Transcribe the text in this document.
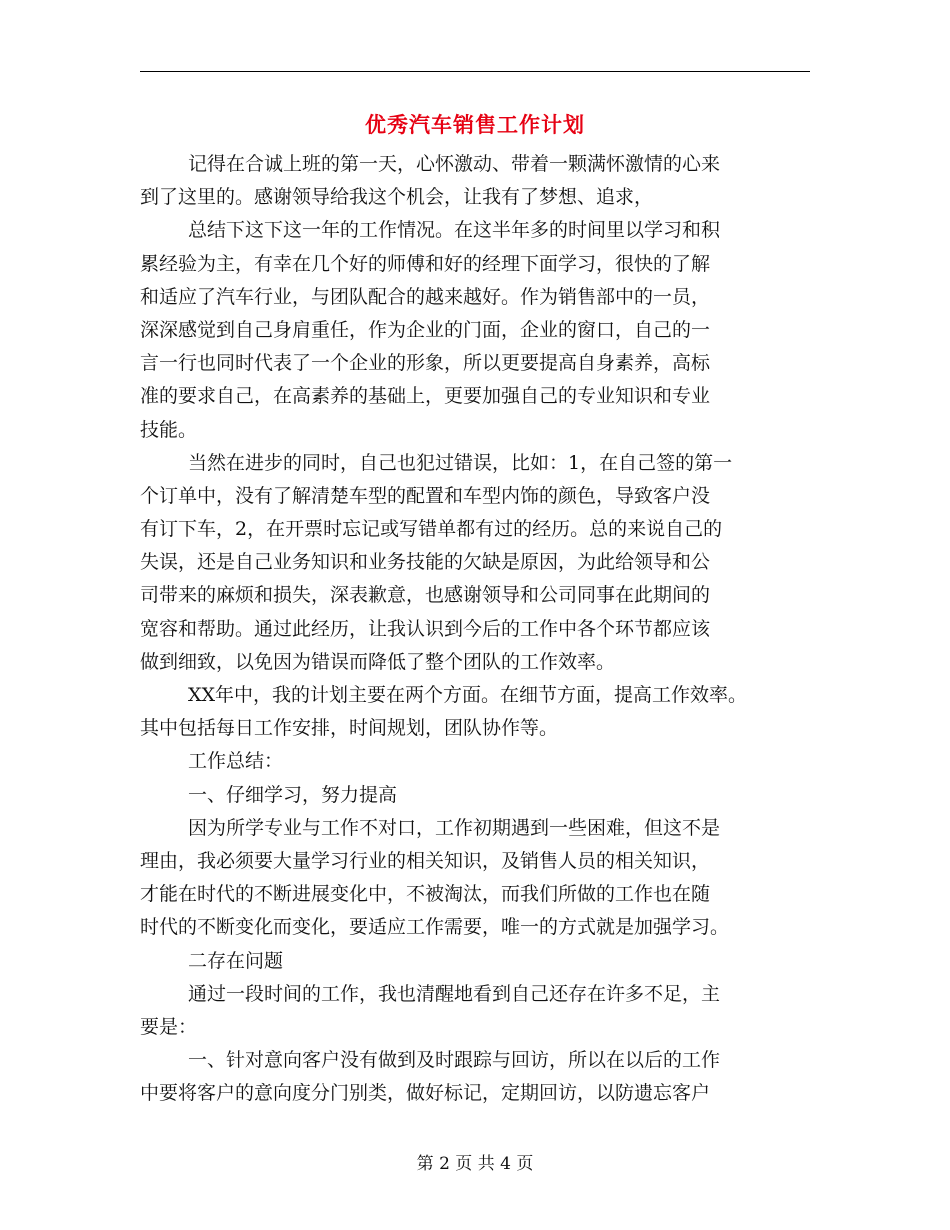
优秀汽车销售工作计划
记得在合诚上班的第一天，心怀激动、带着一颗满怀激情的心来
到了这里的。感谢领导给我这个机会，让我有了梦想、追求，
总结下这下这一年的工作情况。在这半年多的时间里以学习和积
累经验为主，有幸在几个好的师傅和好的经理下面学习，很快的了解
和适应了汽车行业，与团队配合的越来越好。作为销售部中的一员，
深深感觉到自己身肩重任，作为企业的门面，企业的窗口，自己的一
言一行也同时代表了一个企业的形象，所以更要提高自身素养，高标
准的要求自己，在高素养的基础上，更要加强自己的专业知识和专业
技能。
当然在进步的同时，自己也犯过错误，比如：1，在自己签的第一
个订单中，没有了解清楚车型的配置和车型内饰的颜色，导致客户没
有订下车，2，在开票时忘记或写错单都有过的经历。总的来说自己的
失误，还是自己业务知识和业务技能的欠缺是原因，为此给领导和公
司带来的麻烦和损失，深表歉意，也感谢领导和公司同事在此期间的
宽容和帮助。通过此经历，让我认识到今后的工作中各个环节都应该
做到细致，以免因为错误而降低了整个团队的工作效率。
XX年中，我的计划主要在两个方面。在细节方面，提高工作效率。
其中包括每日工作安排，时间规划，团队协作等。
工作总结：
一、仔细学习，努力提高
因为所学专业与工作不对口，工作初期遇到一些困难，但这不是
理由，我必须要大量学习行业的相关知识，及销售人员的相关知识，
才能在时代的不断进展变化中，不被淘汰，而我们所做的工作也在随
时代的不断变化而变化，要适应工作需要，唯一的方式就是加强学习。
二存在问题
通过一段时间的工作，我也清醒地看到自己还存在许多不足，主
要是：
一、针对意向客户没有做到及时跟踪与回访，所以在以后的工作
中要将客户的意向度分门别类，做好标记，定期回访，以防遗忘客户
第 2 页 共 4 页
